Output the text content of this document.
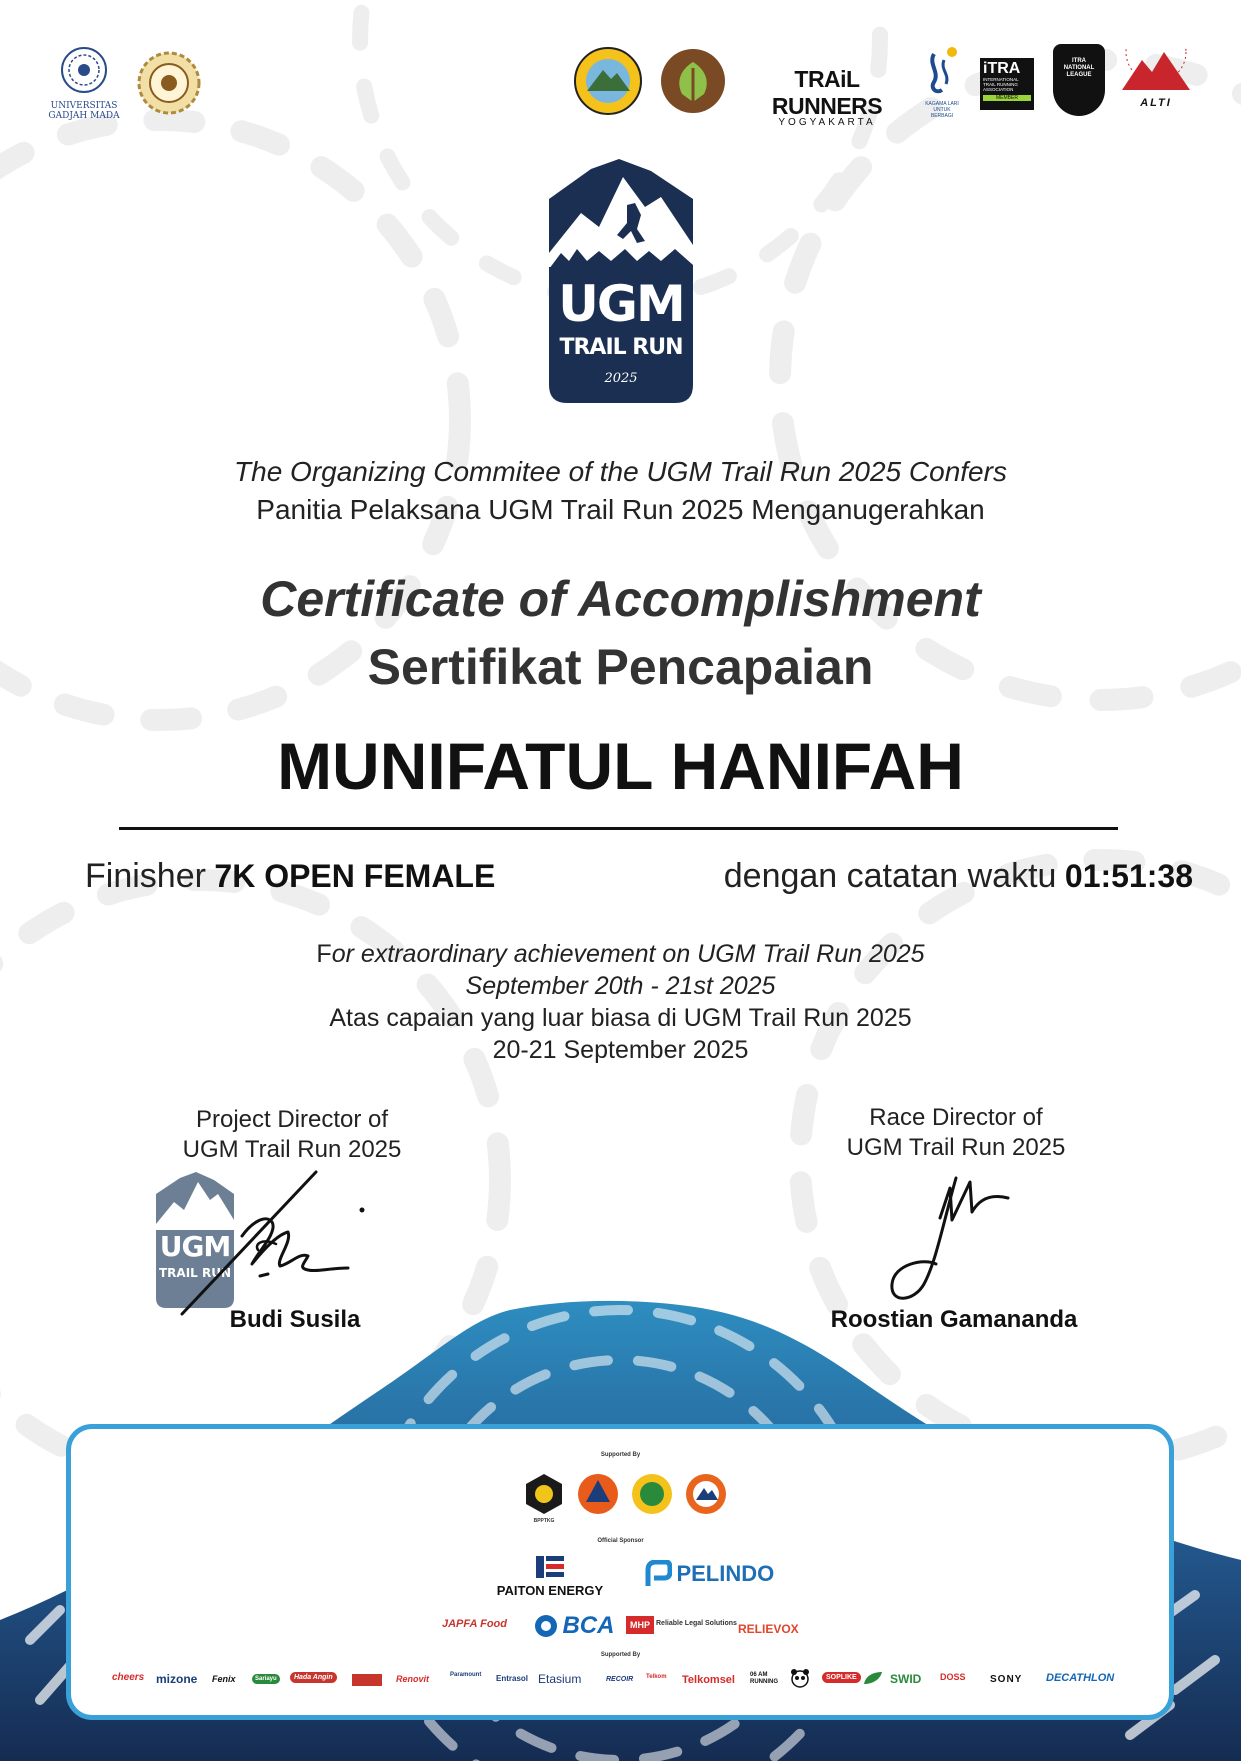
UNIVERSITAS
GADJAH MADA
TRAiL RUNNERS
YOGYAKARTA
KAGAMA LARI UNTUK BERBAGI
iTRA
INTERNATIONAL TRAIL RUNNING ASSOCIATION
MEMBER
ITRA NATIONAL LEAGUE
ALTI
UGM
TRAIL RUN
2025
The Organizing Commitee of the UGM Trail Run 2025 Confers
Panitia Pelaksana UGM Trail Run 2025 Menganugerahkan
Certificate of Accomplishment
Sertifikat Pencapaian
MUNIFATUL HANIFAH
Finisher 7K OPEN FEMALE	dengan catatan waktu 01:51:38
For extraordinary achievement on UGM Trail Run 2025
September 20th - 21st 2025
Atas capaian yang luar biasa di UGM Trail Run 2025
20-21 September 2025
Project Director of
UGM Trail Run 2025
UGM
TRAIL RUN
Budi Susila
Race Director of
UGM Trail Run 2025
Roostian Gamananda
Supported By
BPPTKG
Official Sponsor
PAITON ENERGY
PELINDO
JAPFA Food	BCA	MHP Reliable Legal Solutions RELIEVOX
Supported By
cheers mizone Fenix	Sariayu	Hada Angin	Renovit	Paramount Entrasol Etasium	RECOIR Telkom Telkomsel	06 AM RUNNING
SOPLIKE	SWID DOSS SONY DECATHLON
